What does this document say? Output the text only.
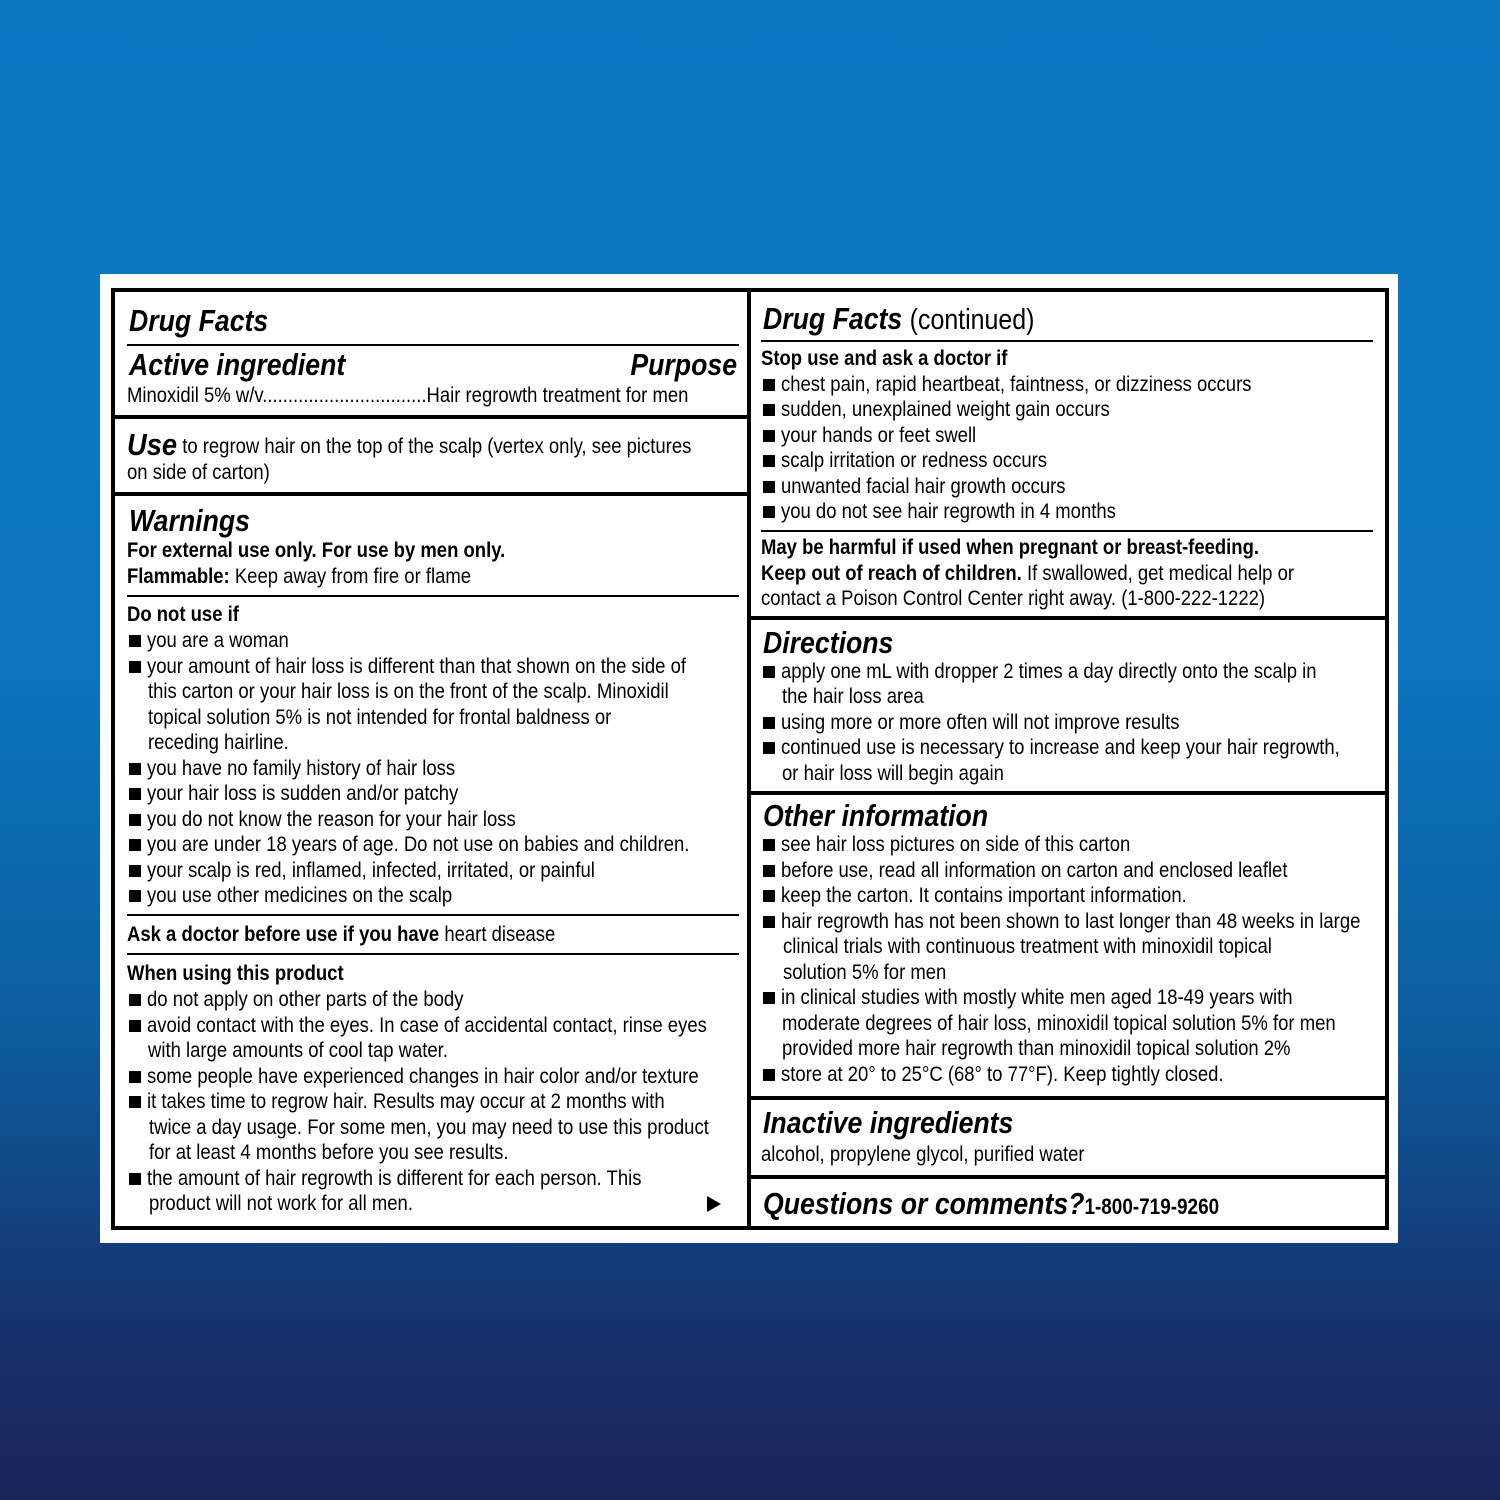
Drug Facts
Active ingredient	Purpose
Minoxidil 5% w/v................................Hair regrowth treatment for men
Use to regrow hair on the top of the scalp (vertex only, see pictures
on side of carton)
Warnings
For external use only. For use by men only.
Flammable: Keep away from fire or flame
Do not use if
you are a woman
your amount of hair loss is different than that shown on the side of
this carton or your hair loss is on the front of the scalp. Minoxidil
topical solution 5% is not intended for frontal baldness or
receding hairline.
you have no family history of hair loss
your hair loss is sudden and/or patchy
you do not know the reason for your hair loss
you are under 18 years of age. Do not use on babies and children.
your scalp is red, inflamed, infected, irritated, or painful
you use other medicines on the scalp
Ask a doctor before use if you have heart disease
When using this product
do not apply on other parts of the body
avoid contact with the eyes. In case of accidental contact, rinse eyes
with large amounts of cool tap water.
some people have experienced changes in hair color and/or texture
it takes time to regrow hair. Results may occur at 2 months with
twice a day usage. For some men, you may need to use this product
for at least 4 months before you see results.
the amount of hair regrowth is different for each person. This
product will not work for all men.
Drug Facts (continued)
Stop use and ask a doctor if
chest pain, rapid heartbeat, faintness, or dizziness occurs
sudden, unexplained weight gain occurs
your hands or feet swell
scalp irritation or redness occurs
unwanted facial hair growth occurs
you do not see hair regrowth in 4 months
May be harmful if used when pregnant or breast-feeding.
Keep out of reach of children. If swallowed, get medical help or
contact a Poison Control Center right away. (1-800-222-1222)
Directions
apply one mL with dropper 2 times a day directly onto the scalp in
the hair loss area
using more or more often will not improve results
continued use is necessary to increase and keep your hair regrowth,
or hair loss will begin again
Other information
see hair loss pictures on side of this carton
before use, read all information on carton and enclosed leaflet
keep the carton. It contains important information.
hair regrowth has not been shown to last longer than 48 weeks in large
clinical trials with continuous treatment with minoxidil topical
solution 5% for men
in clinical studies with mostly white men aged 18-49 years with
moderate degrees of hair loss, minoxidil topical solution 5% for men
provided more hair regrowth than minoxidil topical solution 2%
store at 20° to 25°C (68° to 77°F). Keep tightly closed.
Inactive ingredients
alcohol, propylene glycol, purified water
Questions or comments?1-800-719-9260
